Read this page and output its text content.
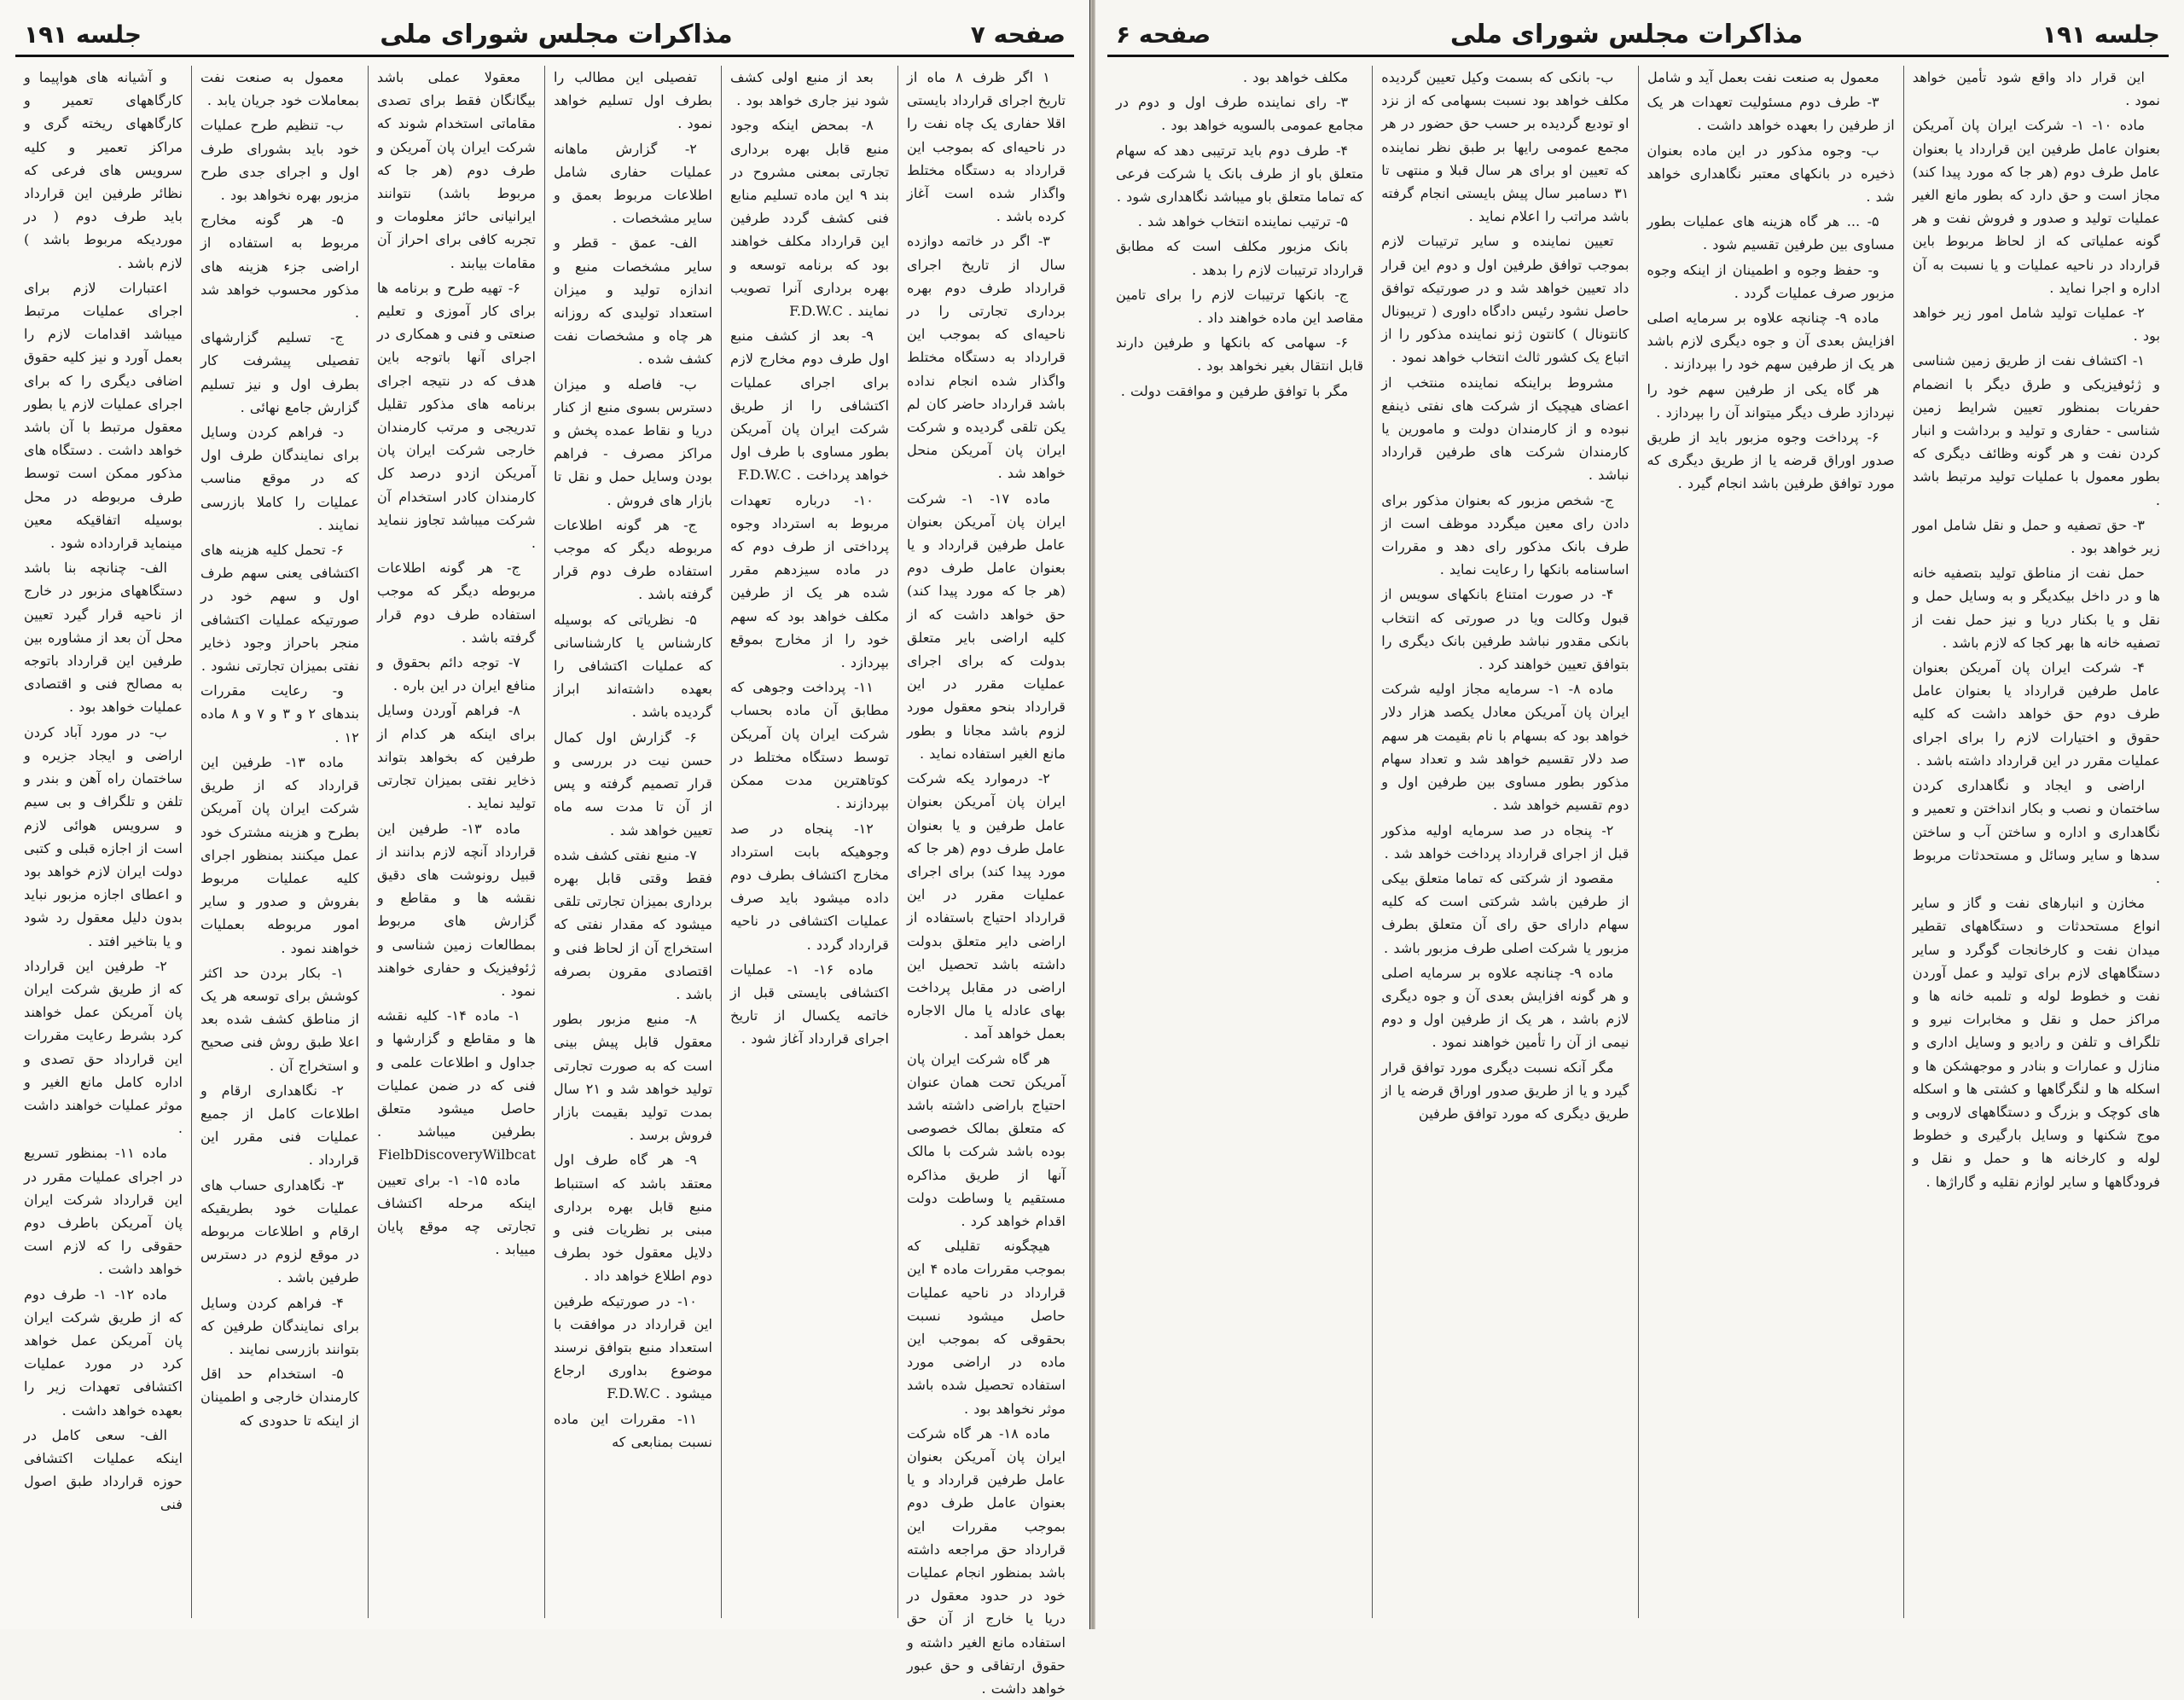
صفحه ۷
مذاکرات مجلس شورای ملی
جلسه ۱۹۱

۱ اگر ظرف ۸ ماه از تاریخ اجرای قرارداد بایستی اقلا حفاری یک چاه نفت را در ناحیه‌ای که بموجب این قرارداد به دستگاه مختلط واگذار شده است آغاز کرده باشد .

۳- اگر در خاتمه دوازده سال از تاریخ اجرای قرارداد طرف دوم بهره برداری تجارتی را در ناحیه‌ای که بموجب این قرارداد به دستگاه مختلط واگذار شده انجام نداده باشد قرارداد حاضر کان لم یکن تلقی گردیده و شرکت ایران پان آمریکن منحل خواهد شد .

ماده ۱۷- ۱- شرکت ایران پان آمریکن بعنوان عامل طرفین قرارداد و یا بعنوان عامل طرف دوم (هر جا که مورد پیدا کند) حق خواهد داشت که از کلیه اراضی بایر متعلق بدولت که برای اجرای عملیات مقرر در این قرارداد بنحو معقول مورد لزوم باشد مجانا و بطور مانع الغیر استفاده نماید .

۲- درموارد یکه شرکت ایران پان آمریکن بعنوان عامل طرفین و یا بعنوان عامل طرف دوم (هر جا که مورد پیدا کند) برای اجرای عملیات مقرر در این قرارداد احتیاج باستفاده از اراضی دایر متعلق بدولت داشته باشد تحصیل این اراضی در مقابل پرداخت بهای عادله یا مال الاجاره بعمل خواهد آمد .

هر گاه شرکت ایران پان آمریکن تحت همان عنوان احتیاج باراضی داشته باشد که متعلق بمالک خصوصی بوده باشد شرکت با مالک آنها از طریق مذاکره مستقیم یا وساطت دولت اقدام خواهد کرد .

هیچگونه تقلیلی که بموجب مقررات ماده ۴ این قرارداد در ناحیه عملیات حاصل میشود نسبت بحقوقی که بموجب این ماده در اراضی مورد استفاده تحصیل شده باشد موثر نخواهد بود .

ماده ۱۸- هر گاه شرکت ایران پان آمریکن بعنوان عامل طرفین قرارداد و یا بعنوان عامل طرف دوم بموجب مقررات این قرارداد حق مراجعه داشته باشد بمنظور انجام عملیات خود در حدود معقول در دریا یا خارج از آن حق استفاده مانع الغیر داشته و حقوق ارتفاقی و حق عبور خواهد داشت .

بعد از منبع اولی کشف شود نیز جاری خواهد بود .

۸- بمحض اینکه وجود منبع قابل بهره برداری تجارتی بمعنی مشروح در بند ۹ این ماده تسلیم منابع فنی کشف گردد طرفین این قرارداد مکلف خواهند بود که برنامه توسعه و بهره برداری آنرا تصویب نمایند . F.D.W.C

۹- بعد از کشف منبع اول طرف دوم مخارج لازم برای اجرای عملیات اکتشافی را از طریق شرکت ایران پان آمریکن بطور مساوی با طرف اول خواهد پرداخت . F.D.W.C

۱۰- درباره تعهدات مربوط به استرداد وجوه پرداختی از طرف دوم که در ماده سیزدهم مقرر شده هر یک از طرفین مکلف خواهد بود که سهم خود را از مخارج بموقع بپردازد .

۱۱- پرداخت وجوهی که مطابق آن ماده بحساب شرکت ایران پان آمریکن توسط دستگاه مختلط در کوتاهترین مدت ممکن بپردازند .

۱۲- پنجاه در صد وجوهیکه بابت استرداد مخارج اکتشاف بطرف دوم داده میشود باید صرف عملیات اکتشافی در ناحیه قرارداد گردد .

ماده ۱۶- ۱- عملیات اکتشافی بایستی قبل از خاتمه یکسال از تاریخ اجرای قرارداد آغاز شود .

تفصیلی این مطالب را بطرف اول تسلیم خواهد نمود .

۲- گزارش ماهانه عملیات حفاری شامل اطلاعات مربوط بعمق و سایر مشخصات .

الف- عمق - قطر و سایر مشخصات منبع و اندازه تولید و میزان استعداد تولیدی که روزانه هر چاه و مشخصات نفت کشف شده .

ب- فاصله و میزان دسترس بسوی منبع از کنار دریا و نقاط عمده پخش و مراکز مصرف - فراهم بودن وسایل حمل و نقل تا بازار های فروش .

ج- هر گونه اطلاعات مربوطه دیگر که موجب استفاده طرف دوم قرار گرفته باشد .

۵- نظریاتی که بوسیله کارشناس یا کارشناسانی که عملیات اکتشافی را بعهده داشته‌اند ابراز گردیده باشد .

۶- گزارش اول کمال حسن نیت در بررسی و قرار تصمیم گرفته و پس از آن تا مدت سه ماه تعیین خواهد شد .

۷- منبع نفتی کشف شده فقط وقتی قابل بهره برداری بمیزان تجارتی تلقی میشود که مقدار نفتی که استخراج آن از لحاظ فنی و اقتصادی مقرون بصرفه باشد .

۸- منبع مزبور بطور معقول قابل پیش بینی است که به صورت تجارتی تولید خواهد شد و ۲۱ سال بمدت تولید بقیمت بازار فروش برسد .

۹- هر گاه طرف اول معتقد باشد که استنباط منبع قابل بهره برداری مبنی بر نظریات فنی و دلایل معقول خود بطرف دوم اطلاع خواهد داد .

۱۰- در صورتیکه طرفین این قرارداد در موافقت با استعداد منبع بتوافق نرسند موضوع بداوری ارجاع میشود . F.D.W.C

۱۱- مقررات این ماده نسبت بمنابعی که

معقولا عملی باشد بیگانگان فقط برای تصدی مقاماتی استخدام شوند که شرکت ایران پان آمریکن و طرف دوم (هر جا که مربوط باشد) نتوانند ایرانیانی حائز معلومات و تجربه کافی برای احراز آن مقامات بیابند .

۶- تهیه طرح و برنامه ها برای کار آموزی و تعلیم صنعتی و فنی و همکاری در اجرای آنها باتوجه باین هدف که در نتیجه اجرای برنامه های مذکور تقلیل تدریجی و مرتب کارمندان خارجی شرکت ایران پان آمریکن ازدو درصد کل کارمندان کادر استخدام آن شرکت میباشد تجاوز ننماید .

ج- هر گونه اطلاعات مربوطه دیگر که موجب استفاده طرف دوم قرار گرفته باشد .

۷- توجه دائم بحقوق و منافع ایران در این باره .

۸- فراهم آوردن وسایل برای اینکه هر کدام از طرفین که بخواهد بتواند ذخایر نفتی بمیزان تجارتی تولید نماید .

ماده ۱۳- طرفین این قرارداد آنچه لازم بدانند از قبیل رونوشت های دقیق نقشه ها و مقاطع و گزارش های مربوط بمطالعات زمین شناسی و ژئوفیزیک و حفاری خواهند نمود .

۱- ماده ۱۴- کلیه نقشه ها و مقاطع و گزارشها و جداول و اطلاعات علمی و فنی که در ضمن عملیات حاصل میشود متعلق بطرفین میباشد . FielbDiscoveryWilbcat

ماده ۱۵- ۱- برای تعیین اینکه مرحله اکتشاف تجارتی چه موقع پایان مییابد .

معمول به صنعت نفت بمعاملات خود جریان یابد .

ب- تنظیم طرح عملیات خود باید بشورای طرف اول و اجرای جدی طرح مزبور بهره نخواهد بود .

۵- هر گونه مخارج مربوط به استفاده از اراضی جزء هزینه های مذکور محسوب خواهد شد .

ج- تسلیم گزارشهای تفصیلی پیشرفت کار بطرف اول و نیز تسلیم گزارش جامع نهائی .

د- فراهم کردن وسایل برای نمایندگان طرف اول که در موقع مناسب عملیات را کاملا بازرسی نمایند .

۶- تحمل کلیه هزینه های اکتشافی یعنی سهم طرف اول و سهم خود در صورتیکه عملیات اکتشافی منجر باحراز وجود ذخایر نفتی بمیزان تجارتی نشود .

و- رعایت مقررات بندهای ۲ و ۳ و ۷ و ۸ ماده ۱۲ .

ماده ۱۳- طرفین این قرارداد که از طریق شرکت ایران پان آمریکن بطرح و هزینه مشترک خود عمل میکنند بمنظور اجرای کلیه عملیات مربوط بفروش و صدور و سایر امور مربوطه بعملیات خواهند نمود .

۱- بکار بردن حد اکثر کوشش برای توسعه هر یک از مناطق کشف شده بعد اعلا طبق روش فنی صحیح و استخراج آن .

۲- نگاهداری ارقام و اطلاعات کامل از جمیع عملیات فنی مقرر این قرارداد .

۳- نگاهداری حساب های عملیات خود بطریقیکه ارقام و اطلاعات مربوطه در موقع لزوم در دسترس طرفین باشد .

۴- فراهم کردن وسایل برای نمایندگان طرفین که بتوانند بازرسی نمایند .

۵- استخدام حد اقل کارمندان خارجی و اطمینان از اینکه تا حدودی که

و آشیانه های هواپیما و کارگاههای تعمیر و کارگاههای ریخته گری و مراکز تعمیر و کلیه سرویس های فرعی که نظائر طرفین این قرارداد باید طرف دوم ( در موردیکه مربوط باشد ) لازم باشد .

اعتبارات لازم برای اجرای عملیات مرتبط میباشد اقدامات لازم را بعمل آورد و نیز کلیه حقوق اضافی دیگری را که برای اجرای عملیات لازم یا بطور معقول مرتبط با آن باشد خواهد داشت . دستگاه های مذکور ممکن است توسط طرف مربوطه در محل بوسیله اتفاقیکه معین مینماید قرارداده شود .

الف- چنانچه بنا باشد دستگاههای مزبور در خارج از ناحیه قرار گیرد تعیین محل آن بعد از مشاوره بین طرفین این قرارداد باتوجه به مصالح فنی و اقتصادی عملیات خواهد بود .

ب- در مورد آباد کردن اراضی و ایجاد جزیره و ساختمان راه آهن و بندر و تلفن و تلگراف و بی سیم و سرویس هوائی لازم است از اجازه قبلی و کتبی دولت ایران لازم خواهد بود و اعطای اجازه مزبور نباید بدون دلیل معقول رد شود و یا بتاخیر افتد .

۲- طرفین این قرارداد که از طریق شرکت ایران پان آمریکن عمل خواهند کرد بشرط رعایت مقررات این قرارداد حق تصدی و اداره کامل مانع الغیر و موثر عملیات خواهند داشت .

ماده ۱۱- بمنظور تسریع در اجرای عملیات مقرر در این قرارداد شرکت ایران پان آمریکن باطرف دوم حقوقی را که لازم است خواهد داشت .

ماده ۱۲- ۱- طرف دوم که از طریق شرکت ایران پان آمریکن عمل خواهد کرد در مورد عملیات اکتشافی تعهدات زیر را بعهده خواهد داشت .

الف- سعی کامل در اینکه عملیات اکتشافی حوزه قرارداد طبق اصول فنی

جلسه ۱۹۱
مذاکرات مجلس شورای ملی
صفحه ۶

این قرار داد واقع شود تأمین خواهد نمود .

ماده ۱۰- ۱- شرکت ایران پان آمریکن بعنوان عامل طرفین این قرارداد یا بعنوان عامل طرف دوم (هر جا که مورد پیدا کند) مجاز است و حق دارد که بطور مانع الغیر عملیات تولید و صدور و فروش نفت و هر گونه عملیاتی که از لحاظ مربوط باین قرارداد در ناحیه عملیات و یا نسبت به آن اداره و اجرا نماید .

۲- عملیات تولید شامل امور زیر خواهد بود .

۱- اکتشاف نفت از طریق زمین شناسی و ژئوفیزیکی و طرق دیگر با انضمام حفریات بمنظور تعیین شرایط زمین شناسی - حفاری و تولید و برداشت و انبار کردن نفت و هر گونه وظائف دیگری که بطور معمول با عملیات تولید مرتبط باشد .

۳- حق تصفیه و حمل و نقل شامل امور زیر خواهد بود .

حمل نفت از مناطق تولید بتصفیه خانه ها و در داخل بیکدیگر و به وسایل حمل و نقل و یا بکنار دریا و نیز حمل نفت از تصفیه خانه ها بهر کجا که لازم باشد .

۴- شرکت ایران پان آمریکن بعنوان عامل طرفین قرارداد یا بعنوان عامل طرف دوم حق خواهد داشت که کلیه حقوق و اختیارات لازم را برای اجرای عملیات مقرر در این قرارداد داشته باشد .

اراضی و ایجاد و نگاهداری کردن ساختمان و نصب و بکار انداختن و تعمیر و نگاهداری و اداره و ساختن آب و ساختن سدها و سایر وسائل و مستحدثات مربوط .

مخازن و انبارهای نفت و گاز و سایر انواع مستحدثات و دستگاههای تقطیر میدان نفت و کارخانجات گوگرد و سایر دستگاههای لازم برای تولید و عمل آوردن نفت و خطوط لوله و تلمبه خانه ها و مراکز حمل و نقل و مخابرات نیرو و تلگراف و تلفن و رادیو و وسایل اداری و منازل و عمارات و بنادر و موجهشکن ها و اسکله ها و لنگرگاهها و کشتی ها و اسکله های کوچک و بزرگ و دستگاههای لاروبی و موج شکنها و وسایل بارگیری و خطوط لوله و کارخانه ها و حمل و نقل و فرودگاهها و سایر لوازم نقلیه و گاراژها .

معمول به صنعت نفت بعمل آید و شامل

۳- طرف دوم مسئولیت تعهدات هر یک از طرفین را بعهده خواهد داشت .

ب- وجوه مذکور در این ماده بعنوان ذخیره در بانکهای معتبر نگاهداری خواهد شد .

۵- ... هر گاه هزینه های عملیات بطور مساوی بین طرفین تقسیم شود .

و- حفظ وجوه و اطمینان از اینکه وجوه مزبور صرف عملیات گردد .

ماده ۹- چنانچه علاوه بر سرمایه اصلی افزایش بعدی آن و جوه دیگری لازم باشد هر یک از طرفین سهم خود را بپردازند .

هر گاه یکی از طرفین سهم خود را نپردازد طرف دیگر میتواند آن را بپردازد .

۶- پرداخت وجوه مزبور باید از طریق صدور اوراق قرضه یا از طریق دیگری که مورد توافق طرفین باشد انجام گیرد .

ب- بانکی که بسمت وکیل تعیین گردیده مکلف خواهد بود نسبت بسهامی که از نزد او تودیع گردیده بر حسب حق حضور در هر مجمع عمومی رایها بر طبق نظر نماینده که تعیین او برای هر سال قبلا و منتهی تا ۳۱ دسامبر سال پیش بایستی انجام گرفته باشد مراتب را اعلام نماید .

تعیین نماینده و سایر ترتیبات لازم بموجب توافق طرفین اول و دوم این قرار داد تعیین خواهد شد و در صورتیکه توافق حاصل نشود رئیس دادگاه داوری ( تریبونال کانتونال ) کانتون ژنو نماینده مذکور را از اتباع یک کشور ثالث انتخاب خواهد نمود .

مشروط براینکه نماینده منتخب از اعضای هیچیک از شرکت های نفتی ذینفع نبوده و از کارمندان دولت و مامورین یا کارمندان شرکت های طرفین قرارداد نباشد .

ج- شخص مزبور که بعنوان مذکور برای دادن رای معین میگردد موظف است از طرف بانک مذکور رای دهد و مقررات اساسنامه بانکها را رعایت نماید .

۴- در صورت امتناع بانکهای سویس از قبول وکالت ویا در صورتی که انتخاب بانکی مقدور نباشد طرفین بانک دیگری را بتوافق تعیین خواهند کرد .

ماده ۸- ۱- سرمایه مجاز اولیه شرکت ایران پان آمریکن معادل یکصد هزار دلار خواهد بود که بسهام با نام بقیمت هر سهم صد دلار تقسیم خواهد شد و تعداد سهام مذکور بطور مساوی بین طرفین اول و دوم تقسیم خواهد شد .

۲- پنجاه در صد سرمایه اولیه مذکور قبل از اجرای قرارداد پرداخت خواهد شد .

مقصود از شرکتی که تماما متعلق بیکی از طرفین باشد شرکتی است که کلیه سهام دارای حق رای آن متعلق بطرف مزبور یا شرکت اصلی طرف مزبور باشد .

ماده ۹- چنانچه علاوه بر سرمایه اصلی و هر گونه افزایش بعدی آن و جوه دیگری لازم باشد ، هر یک از طرفین اول و دوم نیمی از آن را تأمین خواهند نمود .

مگر آنکه نسبت دیگری مورد توافق قرار گیرد و یا از طریق صدور اوراق قرضه یا از طریق دیگری که مورد توافق طرفین

مکلف خواهد بود .

۳- رای نماینده طرف اول و دوم در مجامع عمومی بالسویه خواهد بود .

۴- طرف دوم باید ترتیبی دهد که سهام متعلق باو از طرف بانک یا شرکت فرعی که تماما متعلق باو میباشد نگاهداری شود .

۵- ترتیب نماینده انتخاب خواهد شد .

بانک مزبور مکلف است که مطابق قرارداد ترتیبات لازم را بدهد .

ج- بانکها ترتیبات لازم را برای تامین مقاصد این ماده خواهند داد .

۶- سهامی که بانکها و طرفین دارند قابل انتقال بغیر نخواهد بود .

مگر با توافق طرفین و موافقت دولت .
